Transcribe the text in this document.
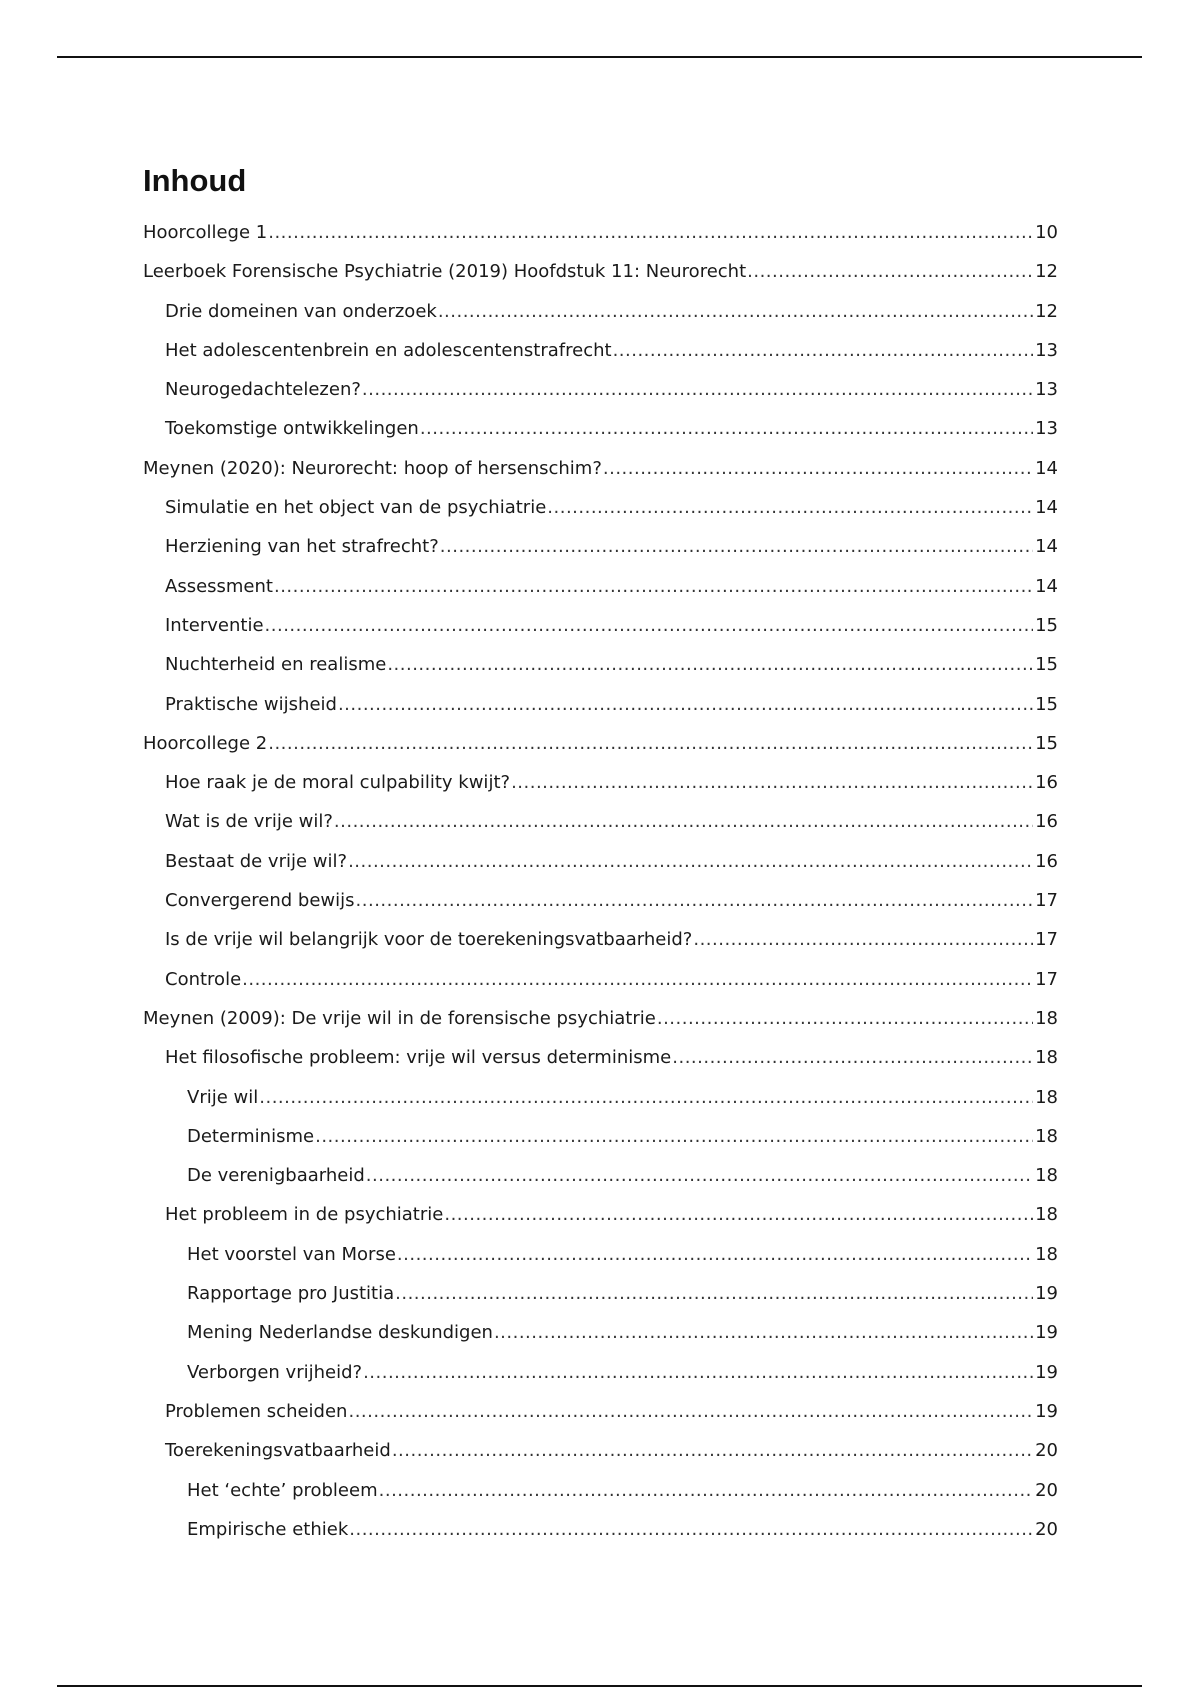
Inhoud
Hoorcollege 1 .....	10
Leerboek Forensische Psychiatrie (2019) Hoofdstuk 11: Neurorecht .....	12
Drie domeinen van onderzoek .....	12
Het adolescentenbrein en adolescentenstrafrecht .....	13
Neurogedachtelezen? .....	13
Toekomstige ontwikkelingen .....	13
Meynen (2020): Neurorecht: hoop of hersenschim? .....	14
Simulatie en het object van de psychiatrie .....	14
Herziening van het strafrecht? .....	14
Assessment .....	14
Interventie .....	15
Nuchterheid en realisme .....	15
Praktische wijsheid .....	15
Hoorcollege 2 .....	15
Hoe raak je de moral culpability kwijt? .....	16
Wat is de vrije wil? .....	16
Bestaat de vrije wil? .....	16
Convergerend bewijs .....	17
Is de vrije wil belangrijk voor de toerekeningsvatbaarheid? .....	17
Controle .....	17
Meynen (2009): De vrije wil in de forensische psychiatrie .....	18
Het filosofische probleem: vrije wil versus determinisme .....	18
Vrije wil .....	18
Determinisme .....	18
De verenigbaarheid .....	18
Het probleem in de psychiatrie .....	18
Het voorstel van Morse .....	18
Rapportage pro Justitia .....	19
Mening Nederlandse deskundigen .....	19
Verborgen vrijheid? .....	19
Problemen scheiden .....	19
Toerekeningsvatbaarheid .....	20
Het ‘echte’ probleem .....	20
Empirische ethiek .....	20
